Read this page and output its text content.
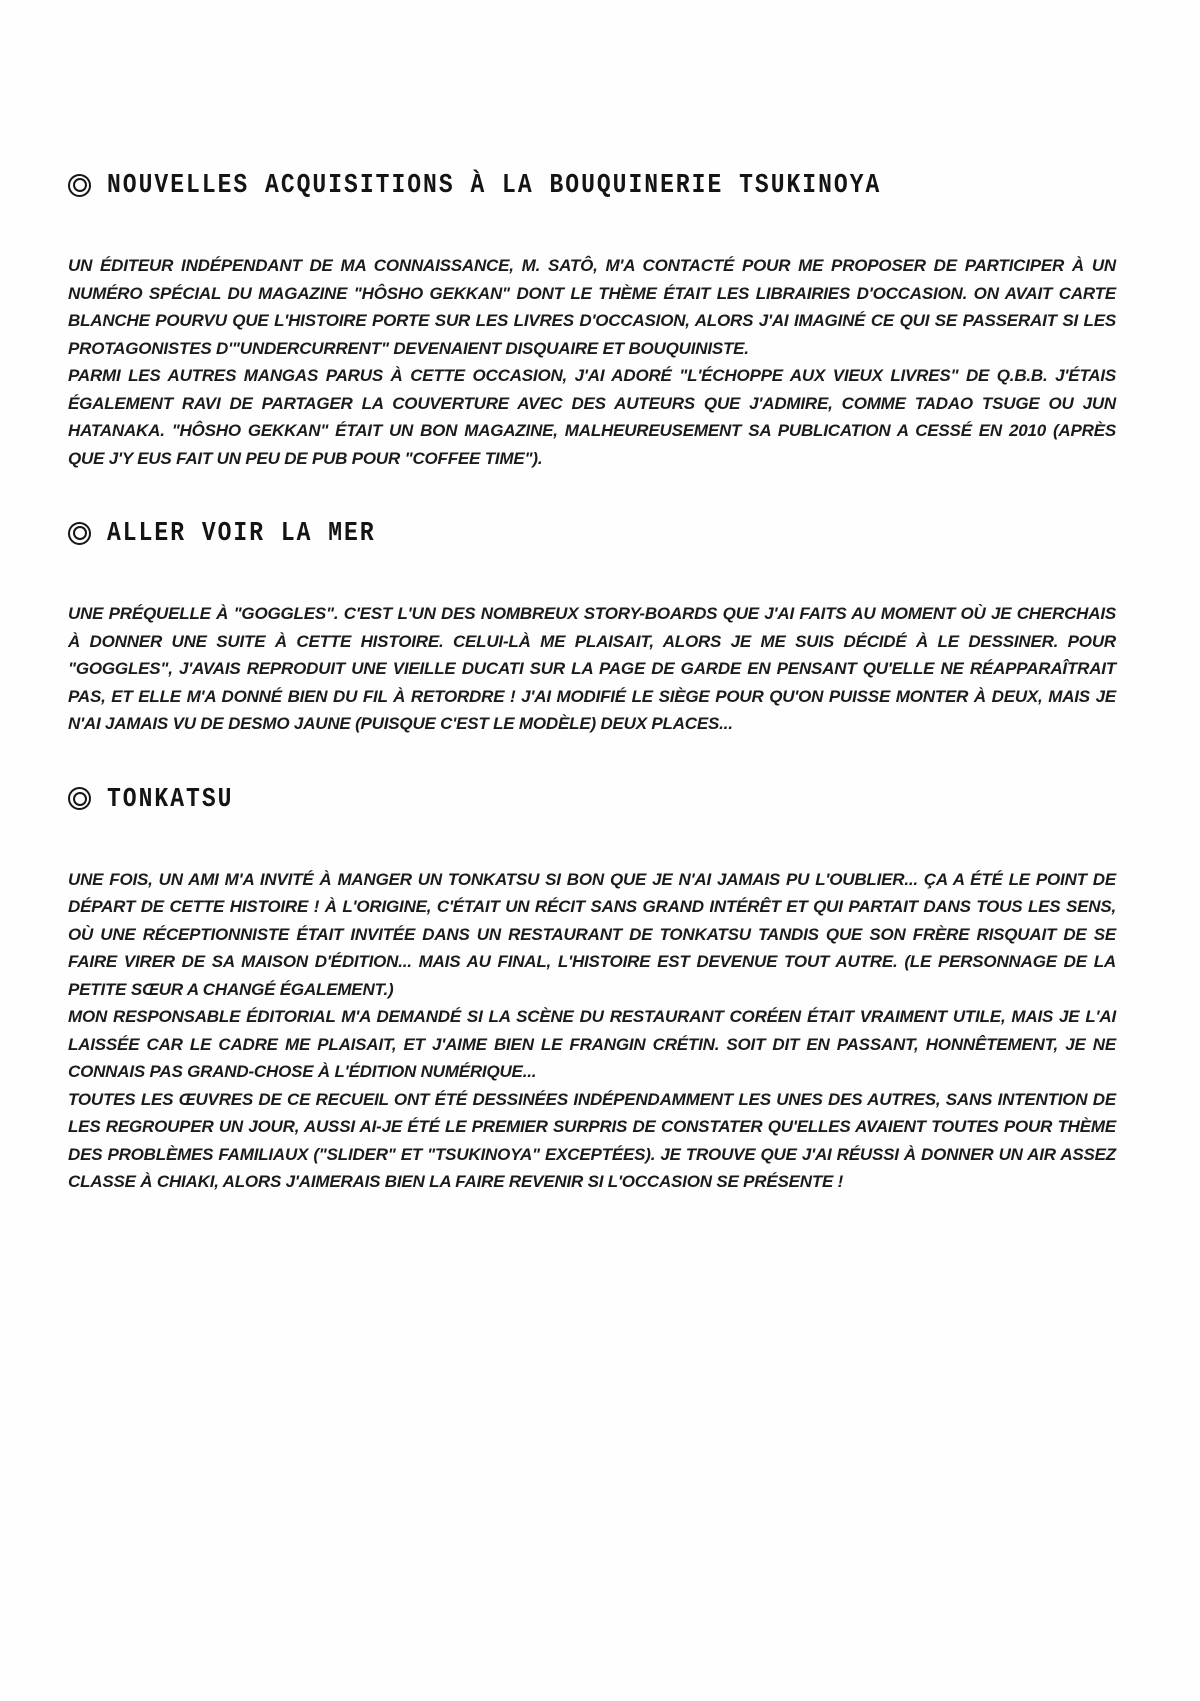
NOUVELLES ACQUISITIONS À LA BOUQUINERIE TSUKINOYA

UN ÉDITEUR INDÉPENDANT DE MA CONNAISSANCE, M. SATÔ, M'A CONTACTÉ POUR ME PROPOSER DE PARTICIPER À UN NUMÉRO SPÉCIAL DU MAGAZINE "HÔSHO GEKKAN" DONT LE THÈME ÉTAIT LES LIBRAIRIES D'OCCASION. ON AVAIT CARTE BLANCHE POURVU QUE L'HISTOIRE PORTE SUR LES LIVRES D'OCCASION, ALORS J'AI IMAGINÉ CE QUI SE PASSERAIT SI LES PROTAGONISTES D'"UNDERCURRENT" DEVENAIENT DISQUAIRE ET BOUQUINISTE.

PARMI LES AUTRES MANGAS PARUS À CETTE OCCASION, J'AI ADORÉ "L'ÉCHOPPE AUX VIEUX LIVRES" DE Q.B.B. J'ÉTAIS ÉGALEMENT RAVI DE PARTAGER LA COUVERTURE AVEC DES AUTEURS QUE J'ADMIRE, COMME TADAO TSUGE OU JUN HATANAKA. "HÔSHO GEKKAN" ÉTAIT UN BON MAGAZINE, MALHEUREUSEMENT SA PUBLICATION A CESSÉ EN 2010 (APRÈS QUE J'Y EUS FAIT UN PEU DE PUB POUR "COFFEE TIME").

ALLER VOIR LA MER

UNE PRÉQUELLE À "GOGGLES". C'EST L'UN DES NOMBREUX STORY-BOARDS QUE J'AI FAITS AU MOMENT OÙ JE CHERCHAIS À DONNER UNE SUITE À CETTE HISTOIRE. CELUI-LÀ ME PLAISAIT, ALORS JE ME SUIS DÉCIDÉ À LE DESSINER. POUR "GOGGLES", J'AVAIS REPRODUIT UNE VIEILLE DUCATI SUR LA PAGE DE GARDE EN PENSANT QU'ELLE NE RÉAPPARAÎTRAIT PAS, ET ELLE M'A DONNÉ BIEN DU FIL À RETORDRE ! J'AI MODIFIÉ LE SIÈGE POUR QU'ON PUISSE MONTER À DEUX, MAIS JE N'AI JAMAIS VU DE DESMO JAUNE (PUISQUE C'EST LE MODÈLE) DEUX PLACES...

TONKATSU

UNE FOIS, UN AMI M'A INVITÉ À MANGER UN TONKATSU SI BON QUE JE N'AI JAMAIS PU L'OUBLIER... ÇA A ÉTÉ LE POINT DE DÉPART DE CETTE HISTOIRE ! À L'ORIGINE, C'ÉTAIT UN RÉCIT SANS GRAND INTÉRÊT ET QUI PARTAIT DANS TOUS LES SENS, OÙ UNE RÉCEPTIONNISTE ÉTAIT INVITÉE DANS UN RESTAURANT DE TONKATSU TANDIS QUE SON FRÈRE RISQUAIT DE SE FAIRE VIRER DE SA MAISON D'ÉDITION... MAIS AU FINAL, L'HISTOIRE EST DEVENUE TOUT AUTRE. (LE PERSONNAGE DE LA PETITE SŒUR A CHANGÉ ÉGALEMENT.)

MON RESPONSABLE ÉDITORIAL M'A DEMANDÉ SI LA SCÈNE DU RESTAURANT CORÉEN ÉTAIT VRAIMENT UTILE, MAIS JE L'AI LAISSÉE CAR LE CADRE ME PLAISAIT, ET J'AIME BIEN LE FRANGIN CRÉTIN. SOIT DIT EN PASSANT, HONNÊTEMENT, JE NE CONNAIS PAS GRAND-CHOSE À L'ÉDITION NUMÉRIQUE...

TOUTES LES ŒUVRES DE CE RECUEIL ONT ÉTÉ DESSINÉES INDÉPENDAMMENT LES UNES DES AUTRES, SANS INTENTION DE LES REGROUPER UN JOUR, AUSSI AI-JE ÉTÉ LE PREMIER SURPRIS DE CONSTATER QU'ELLES AVAIENT TOUTES POUR THÈME DES PROBLÈMES FAMILIAUX ("SLIDER" ET "TSUKINOYA" EXCEPTÉES). JE TROUVE QUE J'AI RÉUSSI À DONNER UN AIR ASSEZ CLASSE À CHIAKI, ALORS J'AIMERAIS BIEN LA FAIRE REVENIR SI L'OCCASION SE PRÉSENTE !
